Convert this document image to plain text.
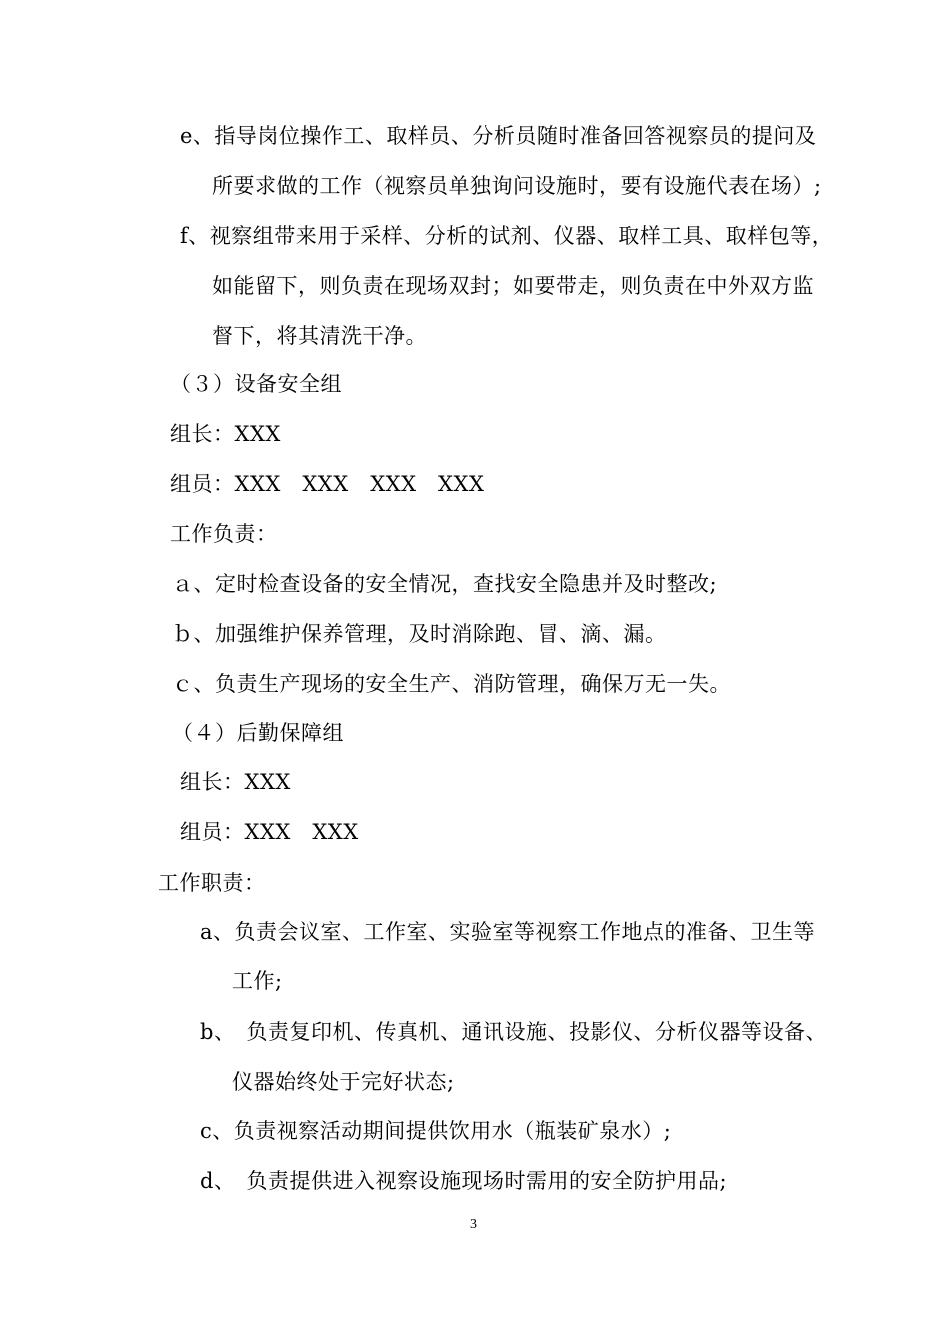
e、指导岗位操作工、取样员、分析员随时准备回答视察员的提问及
所要求做的工作（视察员单独询问设施时，要有设施代表在场）;
f、视察组带来用于采样、分析的试剂、仪器、取样工具、取样包等，
如能留下，则负责在现场双封；如要带走，则负责在中外双方监
督下，将其清洗干净。
（３）设备安全组
组长：XXX
组员：XXX　XXX　XXX　XXX
工作负责：
ａ、定时检查设备的安全情况，查找安全隐患并及时整改;
ｂ、加强维护保养管理，及时消除跑、冒、滴、漏。
ｃ、负责生产现场的安全生产、消防管理，确保万无一失。
（４）后勤保障组
组长：XXX
组员：XXX　XXX
工作职责：
a、负责会议室、工作室、实验室等视察工作地点的准备、卫生等
工作;
b、　负责复印机、传真机、通讯设施、投影仪、分析仪器等设备、
仪器始终处于完好状态;
c、负责视察活动期间提供饮用水（瓶装矿泉水）;
d、　负责提供进入视察设施现场时需用的安全防护用品;
3
